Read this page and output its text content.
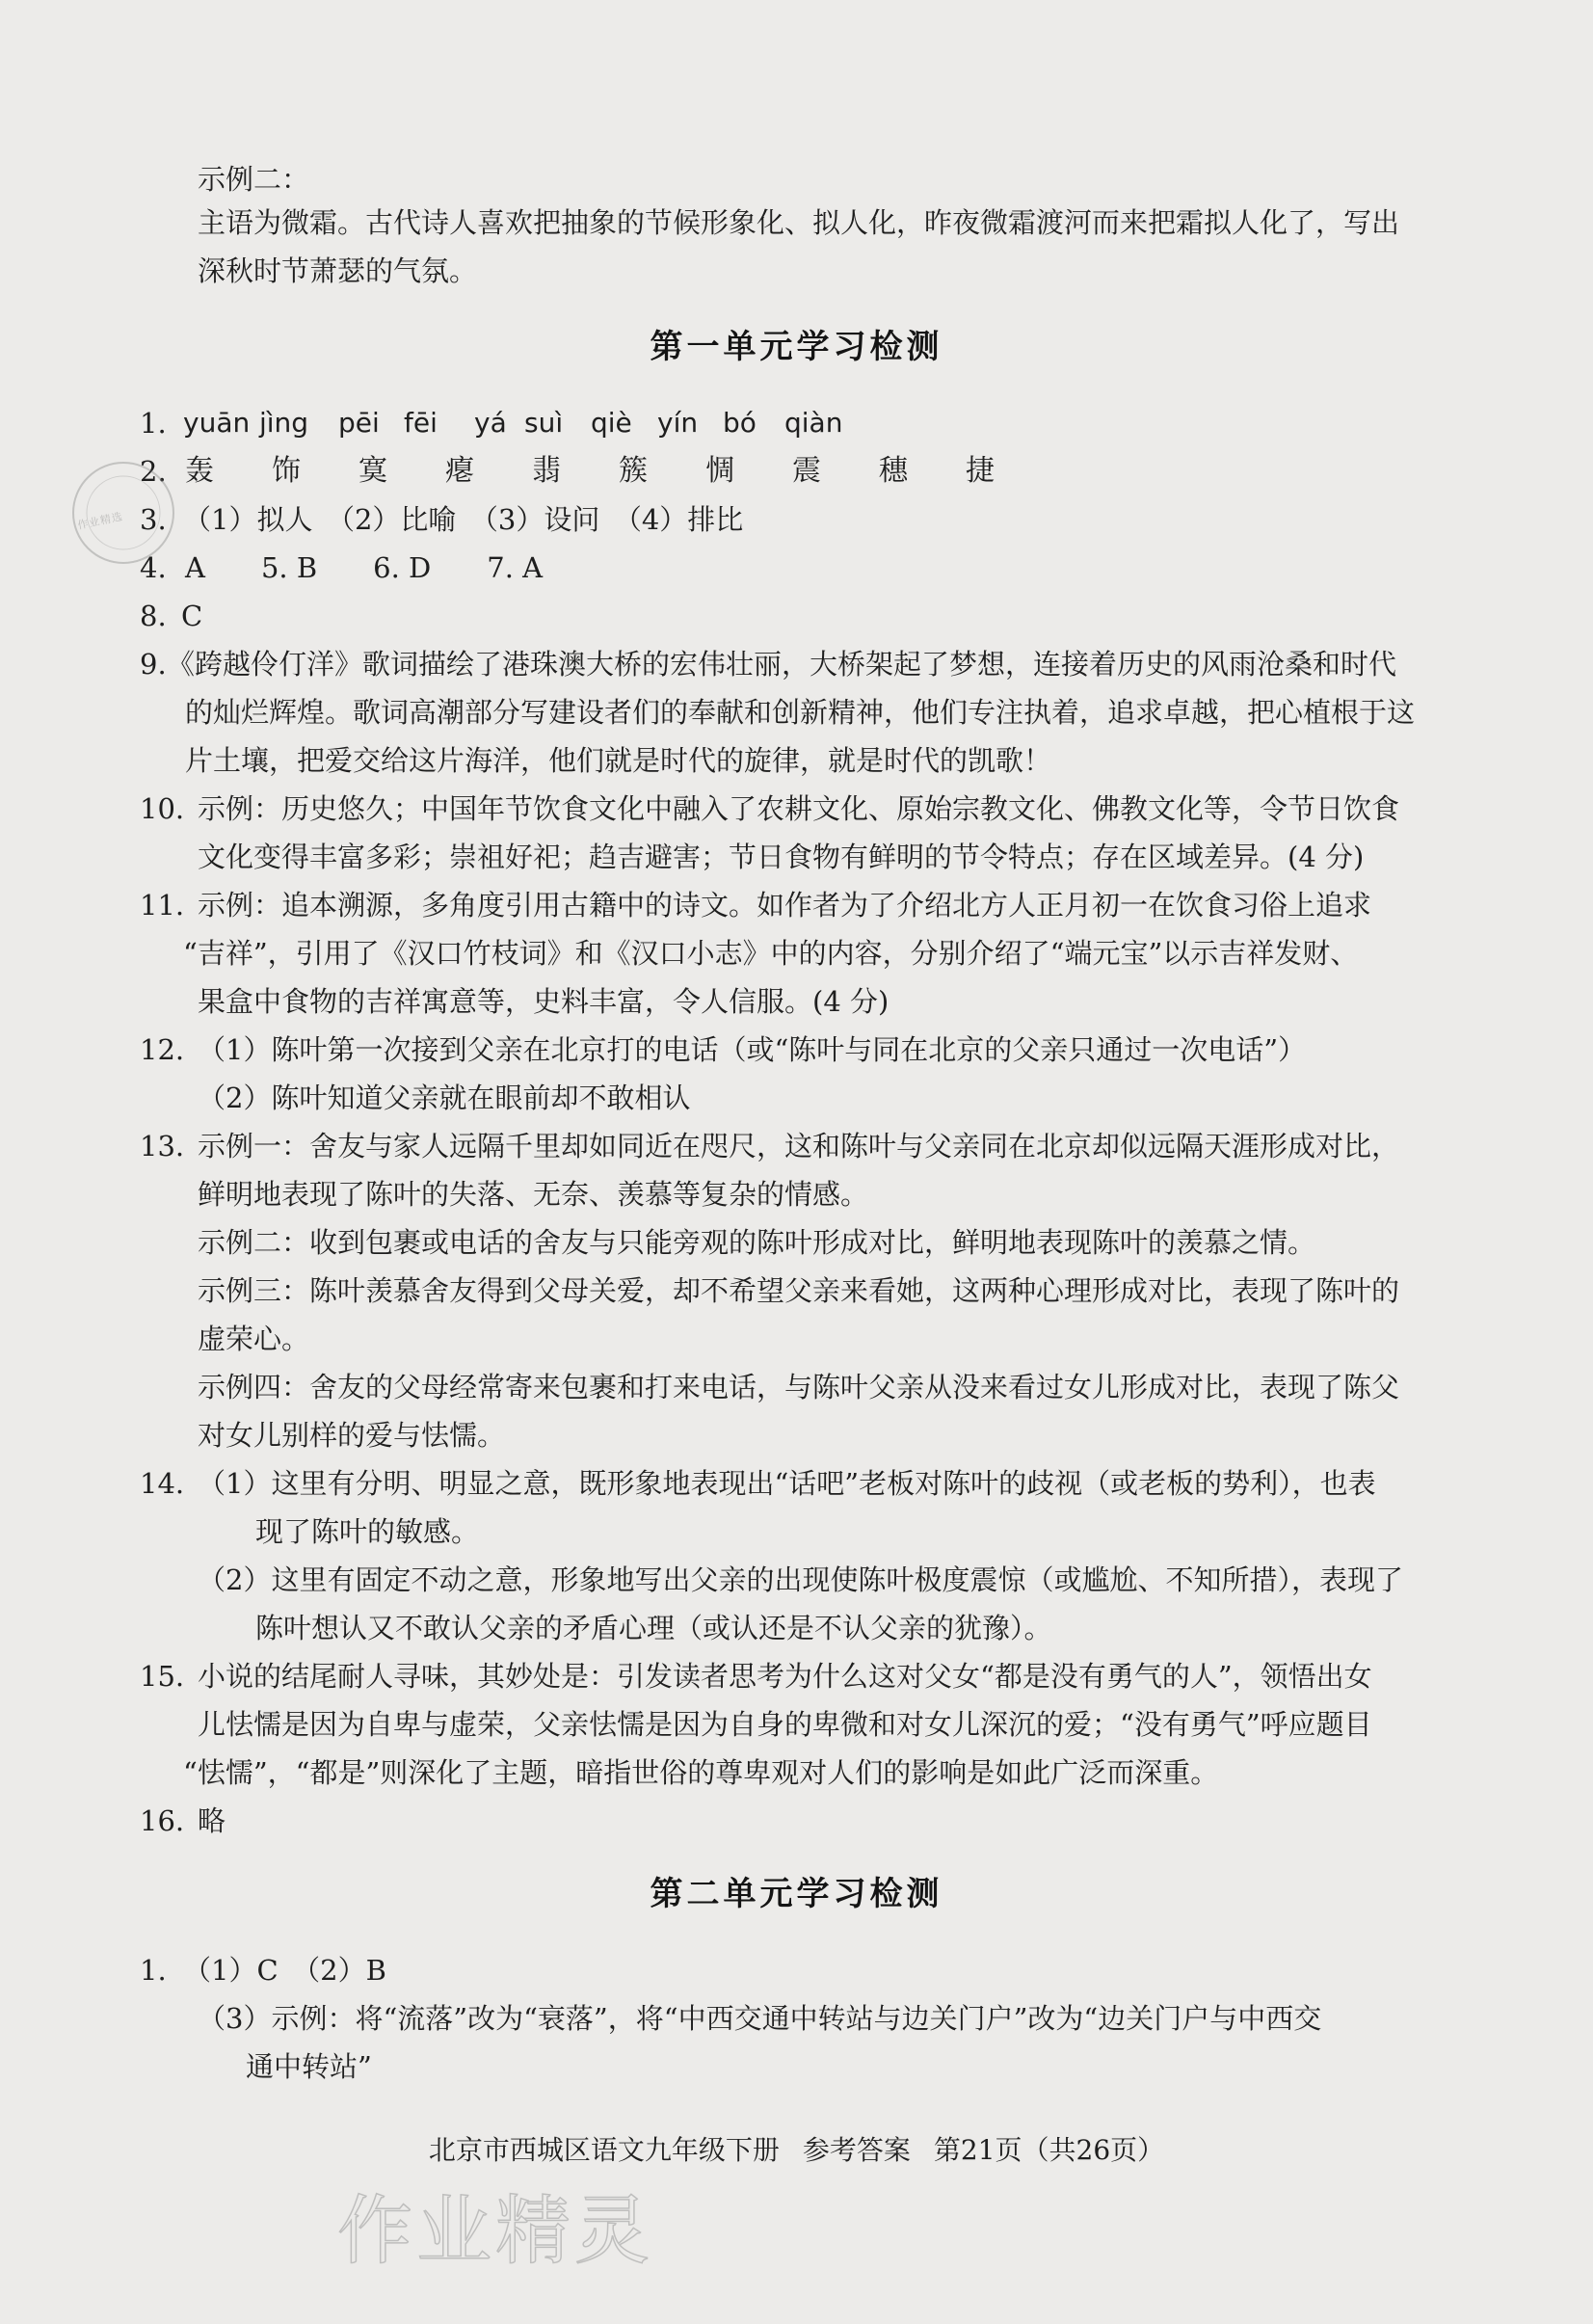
示例二：

主语为微霜。古代诗人喜欢把抽象的节候形象化、拟人化，昨夜微霜渡河而来把霜拟人化了，写出

深秋时节萧瑟的气氛。

第一单元学习检测
1. yuān jìng pēi fēi yá suì qiè yín bó qiàn
2. 轰 饰 寞 瘪 翡 簇 惆 震 穗 捷
3. （1）拟人　（2）比喻　（3）设问　（4）排比

4. A　　5. B　　6. D　　7. A

8. C

9. 《跨越伶仃洋》歌词描绘了港珠澳大桥的宏伟壮丽，大桥架起了梦想，连接着历史的风雨沧桑和时代

的灿烂辉煌。歌词高潮部分写建设者们的奉献和创新精神，他们专注执着，追求卓越，把心植根于这

片土壤，把爱交给这片海洋，他们就是时代的旋律，就是时代的凯歌！

10. 示例：历史悠久；中国年节饮食文化中融入了农耕文化、原始宗教文化、佛教文化等，令节日饮食

文化变得丰富多彩；崇祖好祀；趋吉避害；节日食物有鲜明的节令特点；存在区域差异。(4 分)

11. 示例：追本溯源，多角度引用古籍中的诗文。如作者为了介绍北方人正月初一在饮食习俗上追求

“吉祥”，引用了《汉口竹枝词》和《汉口小志》中的内容，分别介绍了“端元宝”以示吉祥发财、

果盒中食物的吉祥寓意等，史料丰富，令人信服。(4 分)

12. （1）陈叶第一次接到父亲在北京打的电话（或“陈叶与同在北京的父亲只通过一次电话”）

（2）陈叶知道父亲就在眼前却不敢相认

13. 示例一：舍友与家人远隔千里却如同近在咫尺，这和陈叶与父亲同在北京却似远隔天涯形成对比，

鲜明地表现了陈叶的失落、无奈、羡慕等复杂的情感。

示例二：收到包裹或电话的舍友与只能旁观的陈叶形成对比，鲜明地表现陈叶的羡慕之情。

示例三：陈叶羡慕舍友得到父母关爱，却不希望父亲来看她，这两种心理形成对比，表现了陈叶的

虚荣心。

示例四：舍友的父母经常寄来包裹和打来电话，与陈叶父亲从没来看过女儿形成对比，表现了陈父

对女儿别样的爱与怯懦。

14. （1）这里有分明、明显之意，既形象地表现出“话吧”老板对陈叶的歧视（或老板的势利），也表

现了陈叶的敏感。

（2）这里有固定不动之意，形象地写出父亲的出现使陈叶极度震惊（或尴尬、不知所措），表现了

陈叶想认又不敢认父亲的矛盾心理（或认还是不认父亲的犹豫）。

15. 小说的结尾耐人寻味，其妙处是：引发读者思考为什么这对父女“都是没有勇气的人”，领悟出女

儿怯懦是因为自卑与虚荣，父亲怯懦是因为自身的卑微和对女儿深沉的爱；“没有勇气”呼应题目

“怯懦”，“都是”则深化了主题，暗指世俗的尊卑观对人们的影响是如此广泛而深重。

16. 略

第二单元学习检测
1. （1）C　（2）B

（3）示例：将“流落”改为“衰落”，将“中西交通中转站与边关门户”改为“边关门户与中西交

通中转站”

北京市西城区语文九年级下册 参考答案 第21页（共26页）
作业精选
作业精灵
